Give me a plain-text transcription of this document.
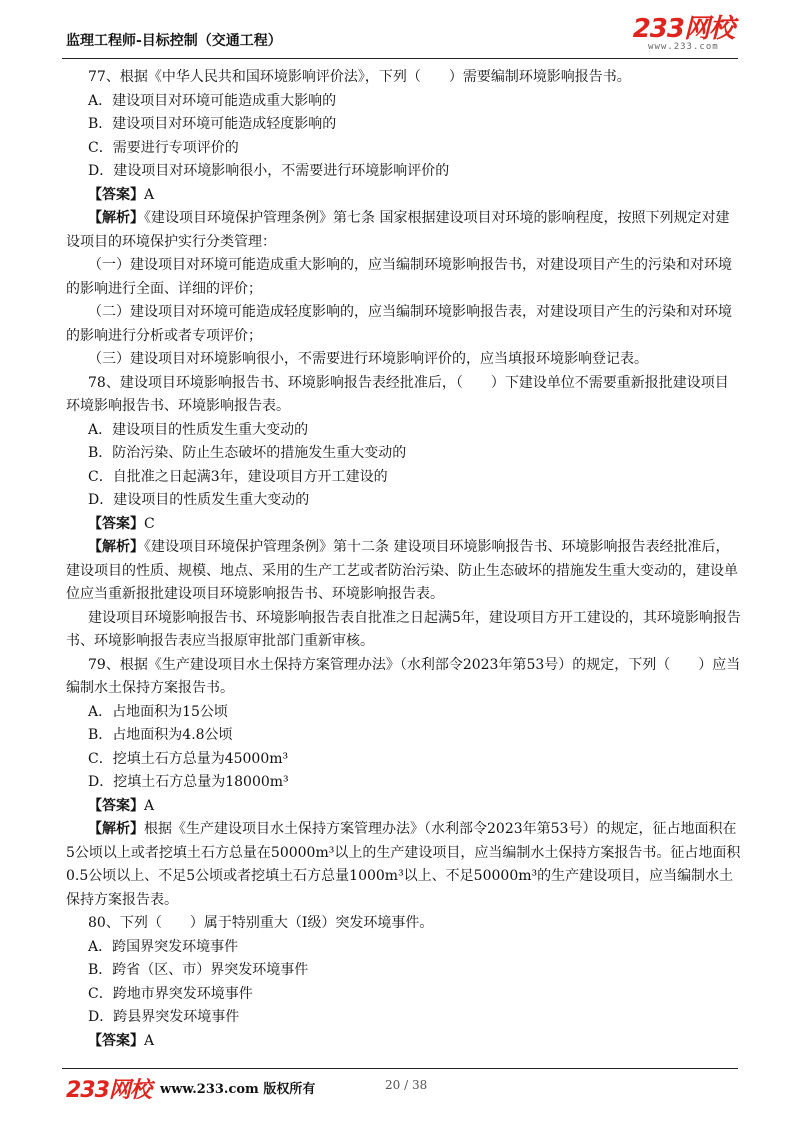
监理工程师-目标控制（交通工程）	233网校
www.233.com

77、根据《中华人民共和国环境影响评价法》，下列（　　）需要编制环境影响报告书。

A．建设项目对环境可能造成重大影响的

B．建设项目对环境可能造成轻度影响的

C．需要进行专项评价的

D．建设项目对环境影响很小，不需要进行环境影响评价的

【答案】A

【解析】《建设项目环境保护管理条例》第七条 国家根据建设项目对环境的影响程度，按照下列规定对建设项目的环境保护实行分类管理：

（一）建设项目对环境可能造成重大影响的，应当编制环境影响报告书，对建设项目产生的污染和对环境的影响进行全面、详细的评价；

（二）建设项目对环境可能造成轻度影响的，应当编制环境影响报告表，对建设项目产生的污染和对环境的影响进行分析或者专项评价；

（三）建设项目对环境影响很小，不需要进行环境影响评价的，应当填报环境影响登记表。

78、建设项目环境影响报告书、环境影响报告表经批准后，（　　）下建设单位不需要重新报批建设项目环境影响报告书、环境影响报告表。

A．建设项目的性质发生重大变动的

B．防治污染、防止生态破坏的措施发生重大变动的

C．自批准之日起满3年，建设项目方开工建设的

D．建设项目的性质发生重大变动的

【答案】C

【解析】《建设项目环境保护管理条例》第十二条 建设项目环境影响报告书、环境影响报告表经批准后，建设项目的性质、规模、地点、采用的生产工艺或者防治污染、防止生态破坏的措施发生重大变动的，建设单位应当重新报批建设项目环境影响报告书、环境影响报告表。

建设项目环境影响报告书、环境影响报告表自批准之日起满5年，建设项目方开工建设的，其环境影响报告书、环境影响报告表应当报原审批部门重新审核。

79、根据《生产建设项目水土保持方案管理办法》（水利部令2023年第53号）的规定，下列（　　）应当编制水土保持方案报告书。

A．占地面积为15公顷

B．占地面积为4.8公顷

C．挖填土石方总量为45000m³

D．挖填土石方总量为18000m³

【答案】A

【解析】根据《生产建设项目水土保持方案管理办法》（水利部令2023年第53号）的规定，征占地面积在5公顷以上或者挖填土石方总量在50000m³以上的生产建设项目，应当编制水土保持方案报告书。征占地面积0.5公顷以上、不足5公顷或者挖填土石方总量1000m³以上、不足50000m³的生产建设项目，应当编制水土保持方案报告表。

80、下列（　　）属于特别重大（Ⅰ级）突发环境事件。

A．跨国界突发环境事件

B．跨省（区、市）界突发环境事件

C．跨地市界突发环境事件

D．跨县界突发环境事件

【答案】A

233网校 www.233.com 版权所有	20 / 38
